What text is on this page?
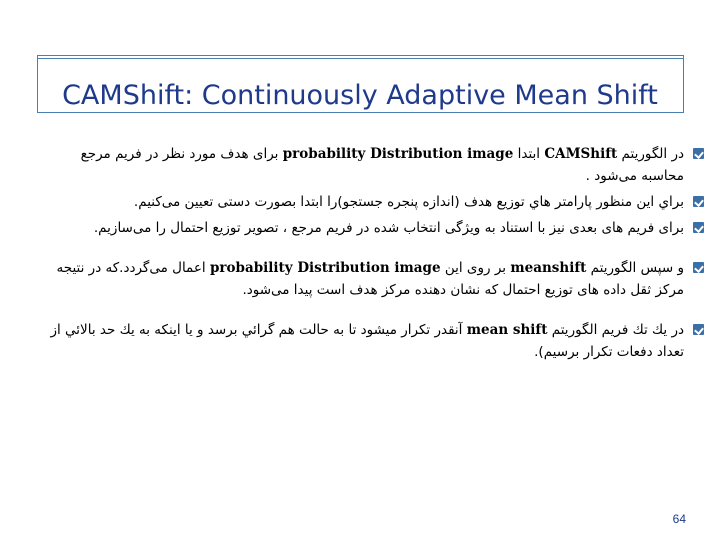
CAMShift: Continuously Adaptive Mean Shift
در الگوریتم CAMShift ابتدا probability Distribution image برای هدف مورد نظر در فریم مرجع محاسبه می‌شود .
براي اين منظور پارامتر هاي توزيع هدف (اندازه پنجره جستجو)را ابتدا بصورت دستی تعیین می‌کنیم.
برای فریم های بعدی نیز با استناد به ویژگی انتخاب شده در فریم مرجع ، تصویر توزیع احتمال را می‌سازیم.
و سپس الگوریتم meanshift بر روی این probability Distribution image اعمال می‌گردد.که در نتیجه مرکز ثقل داده های توزیع احتمال که نشان دهنده مرکز هدف است پیدا می‌شود.
در يك تك فريم الگوريتم mean shift آنقدر تكرار ميشود تا به حالت هم گرائي برسد و يا اينكه به يك حد بالائي از تعداد دفعات تكرار برسيم).
64
